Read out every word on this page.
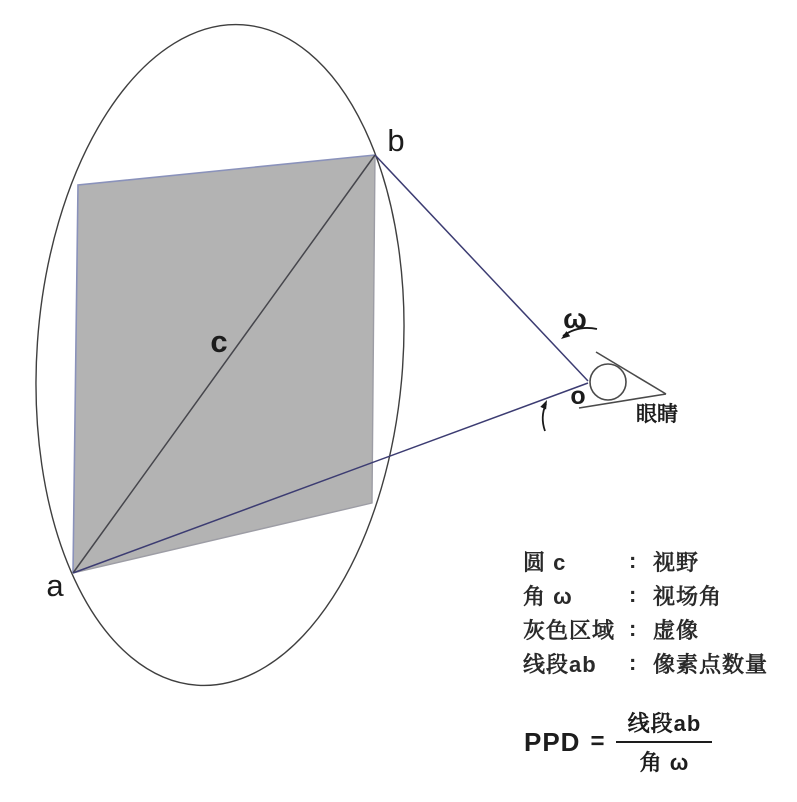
a
b
c
o
ω
眼睛
圆 c	: 视野
角 ω	: 视场角
灰色区域 : 虚像
线段ab	: 像素点数量
PPD = $\frac{\text{线段ab}}{\text{角 ω}}$
